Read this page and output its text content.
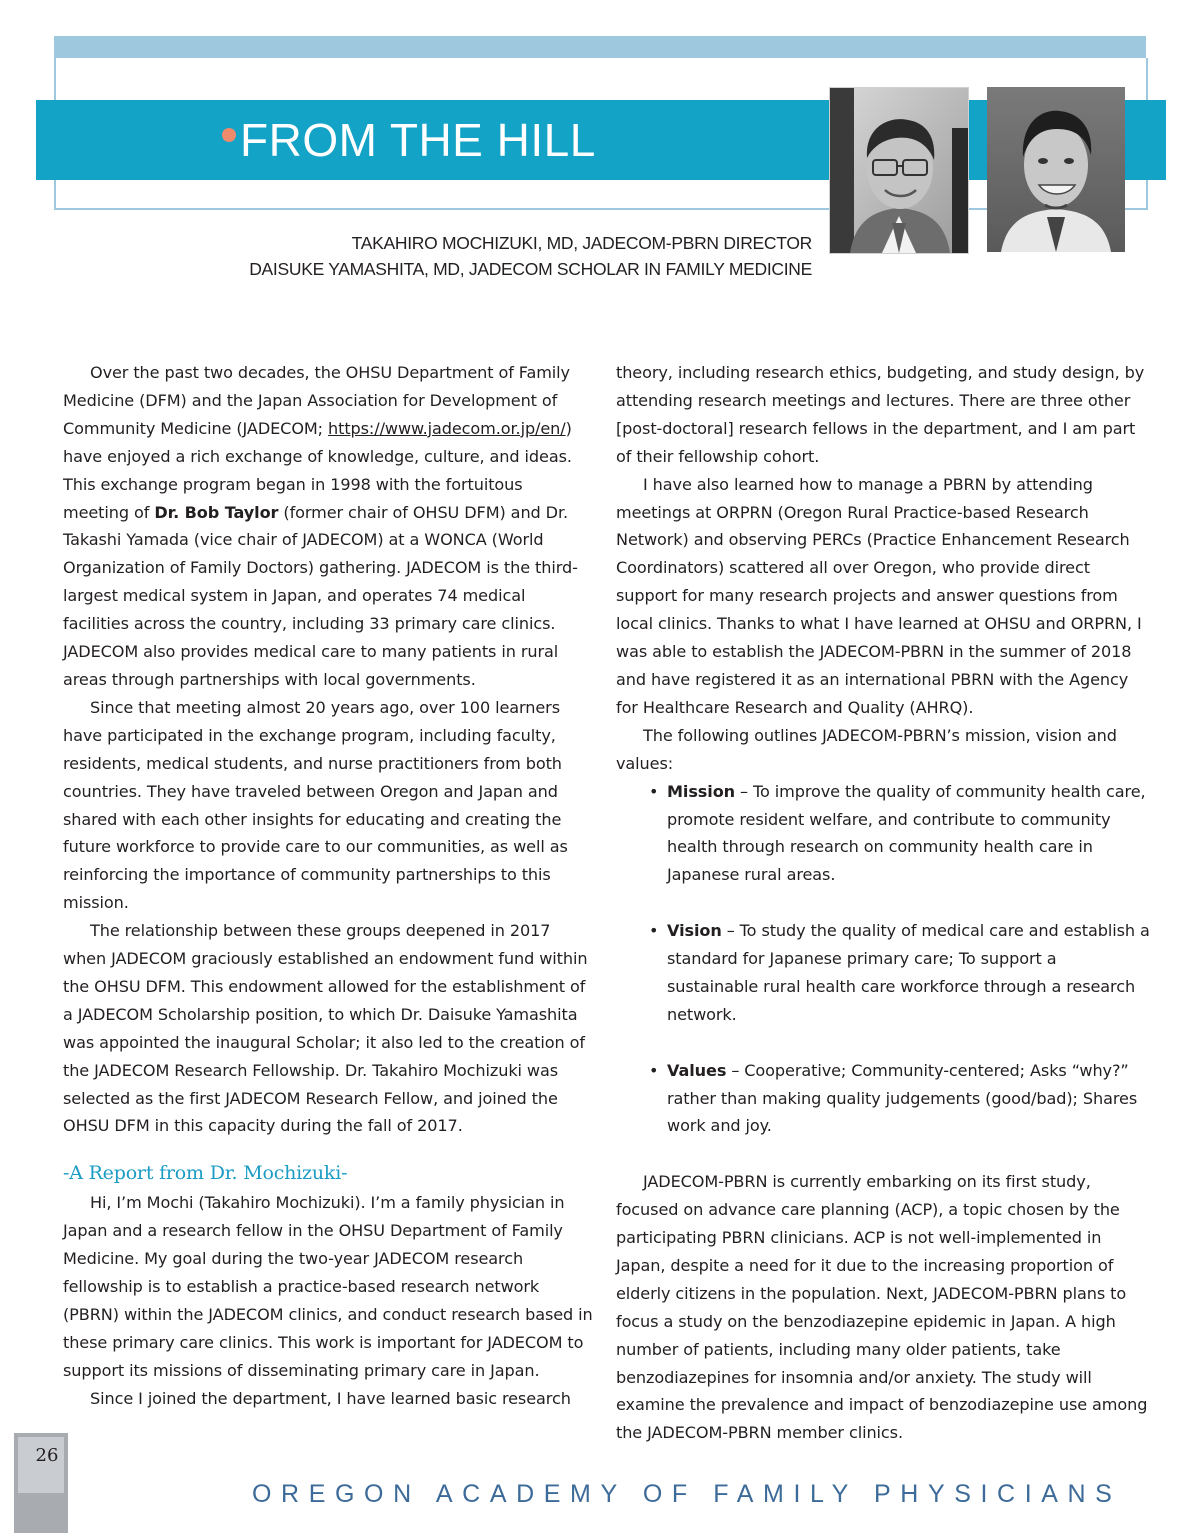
FROM THE HILL
TAKAHIRO MOCHIZUKI, MD, JADECOM-PBRN DIRECTOR
DAISUKE YAMASHITA, MD, JADECOM SCHOLAR IN FAMILY MEDICINE

Over the past two decades, the OHSU Department of Family Medicine (DFM) and the Japan Association for Development of Community Medicine (JADECOM; https://www.jadecom.or.jp/en/) have enjoyed a rich exchange of knowledge, culture, and ideas. This exchange program began in 1998 with the fortuitous meeting of Dr. Bob Taylor (former chair of OHSU DFM) and Dr. Takashi Yamada (vice chair of JADECOM) at a WONCA (World Organization of Family Doctors) gathering. JADECOM is the third-largest medical system in Japan, and operates 74 medical facilities across the country, including 33 primary care clinics. JADECOM also provides medical care to many patients in rural areas through partnerships with local governments.

Since that meeting almost 20 years ago, over 100 learners have participated in the exchange program, including faculty, residents, medical students, and nurse practitioners from both countries. They have traveled between Oregon and Japan and shared with each other insights for educating and creating the future workforce to provide care to our communities, as well as reinforcing the importance of community partnerships to this mission.

The relationship between these groups deepened in 2017 when JADECOM graciously established an endowment fund within the OHSU DFM. This endowment allowed for the establishment of a JADECOM Scholarship position, to which Dr. Daisuke Yamashita was appointed the inaugural Scholar; it also led to the creation of the JADECOM Research Fellowship. Dr. Takahiro Mochizuki was selected as the first JADECOM Research Fellow, and joined the OHSU DFM in this capacity during the fall of 2017.

-A Report from Dr. Mochizuki-

Hi, I’m Mochi (Takahiro Mochizuki). I’m a family physician in Japan and a research fellow in the OHSU Department of Family Medicine. My goal during the two-year JADECOM research fellowship is to establish a practice-based research network (PBRN) within the JADECOM clinics, and conduct research based in these primary care clinics. This work is important for JADECOM to support its missions of disseminating primary care in Japan.

Since I joined the department, I have learned basic research

theory, including research ethics, budgeting, and study design, by attending research meetings and lectures. There are three other [post-doctoral] research fellows in the department, and I am part of their fellowship cohort.

I have also learned how to manage a PBRN by attending meetings at ORPRN (Oregon Rural Practice-based Research Network) and observing PERCs (Practice Enhancement Research Coordinators) scattered all over Oregon, who provide direct support for many research projects and answer questions from local clinics. Thanks to what I have learned at OHSU and ORPRN, I was able to establish the JADECOM-PBRN in the summer of 2018 and have registered it as an international PBRN with the Agency for Healthcare Research and Quality (AHRQ).

The following outlines JADECOM-PBRN’s mission, vision and values:

• Mission – To improve the quality of community health care, promote resident welfare, and contribute to community health through research on community health care in Japanese rural areas.
• Vision – To study the quality of medical care and establish a standard for Japanese primary care; To support a sustainable rural health care workforce through a research network.
• Values – Cooperative; Community-centered; Asks “why?” rather than making quality judgements (good/bad); Shares work and joy.

JADECOM-PBRN is currently embarking on its first study, focused on advance care planning (ACP), a topic chosen by the participating PBRN clinicians. ACP is not well-implemented in Japan, despite a need for it due to the increasing proportion of elderly citizens in the population. Next, JADECOM-PBRN plans to focus a study on the benzodiazepine epidemic in Japan. A high number of patients, including many older patients, take benzodiazepines for insomnia and/or anxiety. The study will examine the prevalence and impact of benzodiazepine use among the JADECOM-PBRN member clinics.

26
OREGON ACADEMY OF FAMILY PHYSICIANS
